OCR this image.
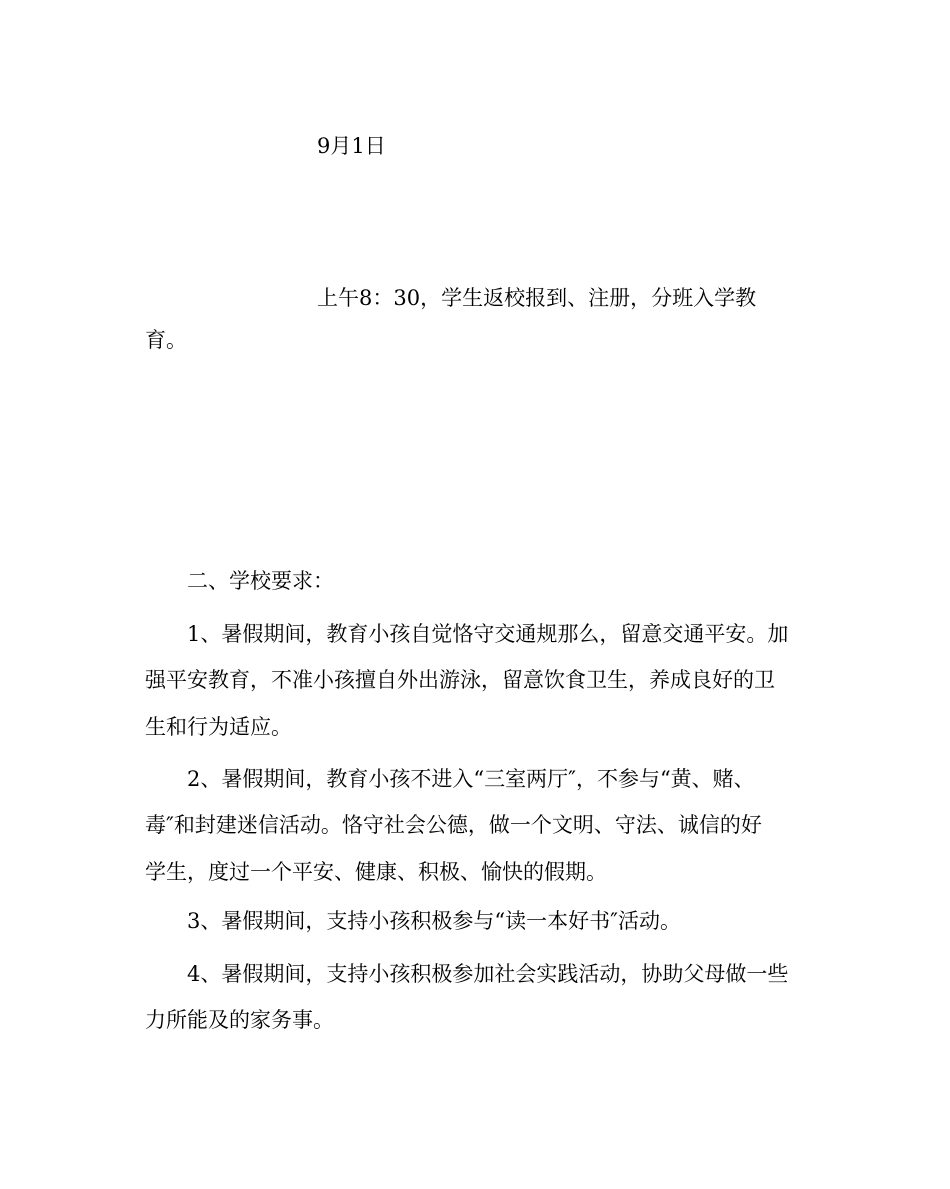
9月1日
上午8：30，学生返校报到、注册，分班入学教
育。
二、学校要求：
1、暑假期间，教育小孩自觉恪守交通规那么，留意交通平安。加
强平安教育，不准小孩擅自外出游泳，留意饮食卫生，养成良好的卫
生和行为适应。
2、暑假期间，教育小孩不进入“三室两厅″，不参与“黄、赌、
毒″和封建迷信活动。恪守社会公德，做一个文明、守法、诚信的好
学生，度过一个平安、健康、积极、愉快的假期。
3、暑假期间，支持小孩积极参与“读一本好书″活动。
4、暑假期间，支持小孩积极参加社会实践活动，协助父母做一些
力所能及的家务事。
